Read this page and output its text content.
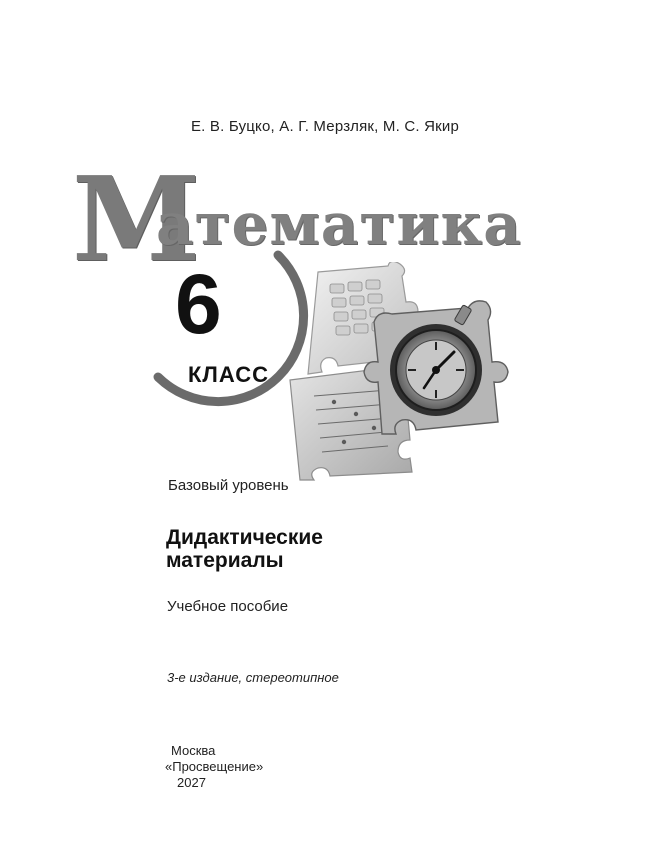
Е. В. Буцко, А. Г. Мерзляк, М. С. Якир
М
атематика
6
КЛАСС
Базовый уровень
Дидактические
материалы
Учебное пособие
3-е издание, стереотипное
Москва
«Просвещение»
2027
